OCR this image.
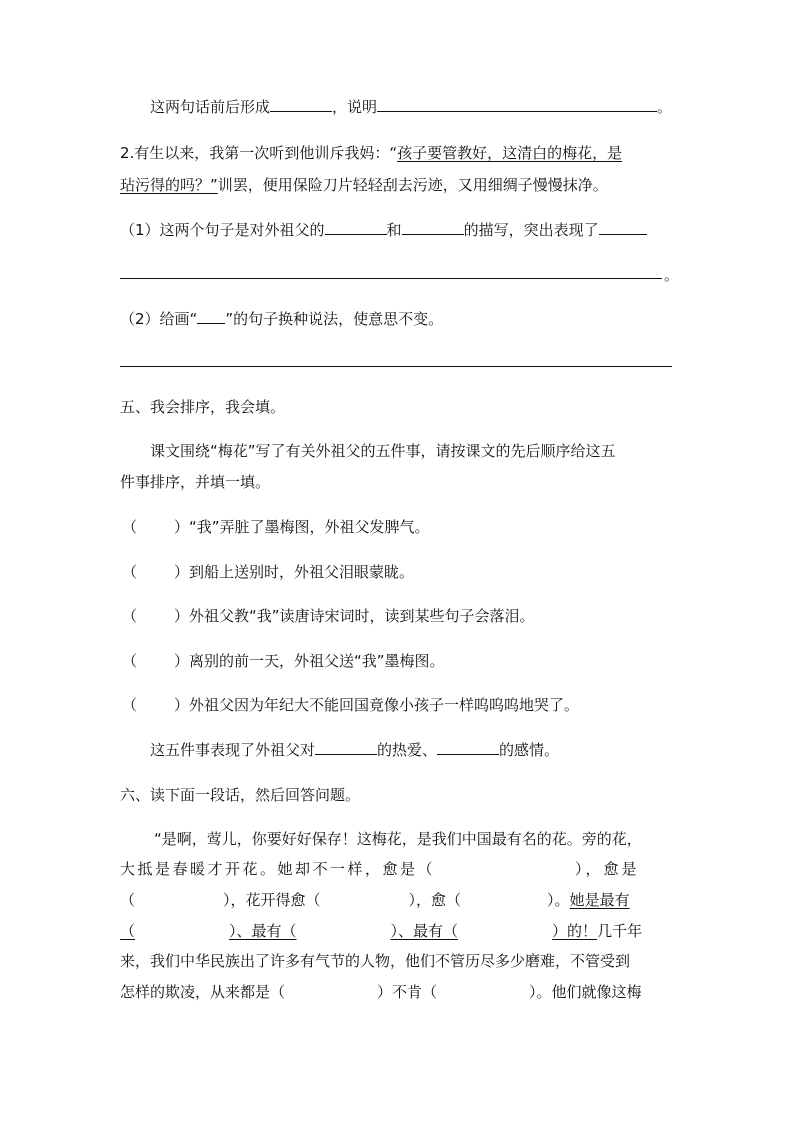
这两句话前后形成	，说明	。
2.有生以来，我第一次听到他训斥我妈：“孩子要管教好，这清白的梅花，是
玷污得的吗？”训罢，便用保险刀片轻轻刮去污迹，又用细绸子慢慢抹净。
（1）这两个句子是对外祖父的	和	的描写，突出表现了
。
（2）给画“ ”的句子换种说法，使意思不变。
五、我会排序，我会填。
课文围绕“梅花”写了有关外祖父的五件事，请按课文的先后顺序给这五
件事排序，并填一填。
（ ）“我”弄脏了墨梅图，外祖父发脾气。
（ ）到船上送别时，外祖父泪眼蒙眬。
（ ）外祖父教“我”读唐诗宋词时，读到某些句子会落泪。
（ ）离别的前一天，外祖父送“我”墨梅图。
（ ）外祖父因为年纪大不能回国竟像小孩子一样呜呜呜地哭了。
这五件事表现了外祖父对	的热爱、	的感情。
六、读下面一段话，然后回答问题。
“是啊，莺儿，你要好好保存！这梅花，是我们中国最有名的花。旁的花，
大抵是春暖才开花。她却不一样，愈是（	），愈是
（	），花开得愈（	），愈（	）。她是最有
（	）、最有（	）、最有（	）的！几千年
来，我们中华民族出了许多有气节的人物，他们不管历尽多少磨难，不管受到
怎样的欺凌，从来都是（	）不肯（	）。他们就像这梅
